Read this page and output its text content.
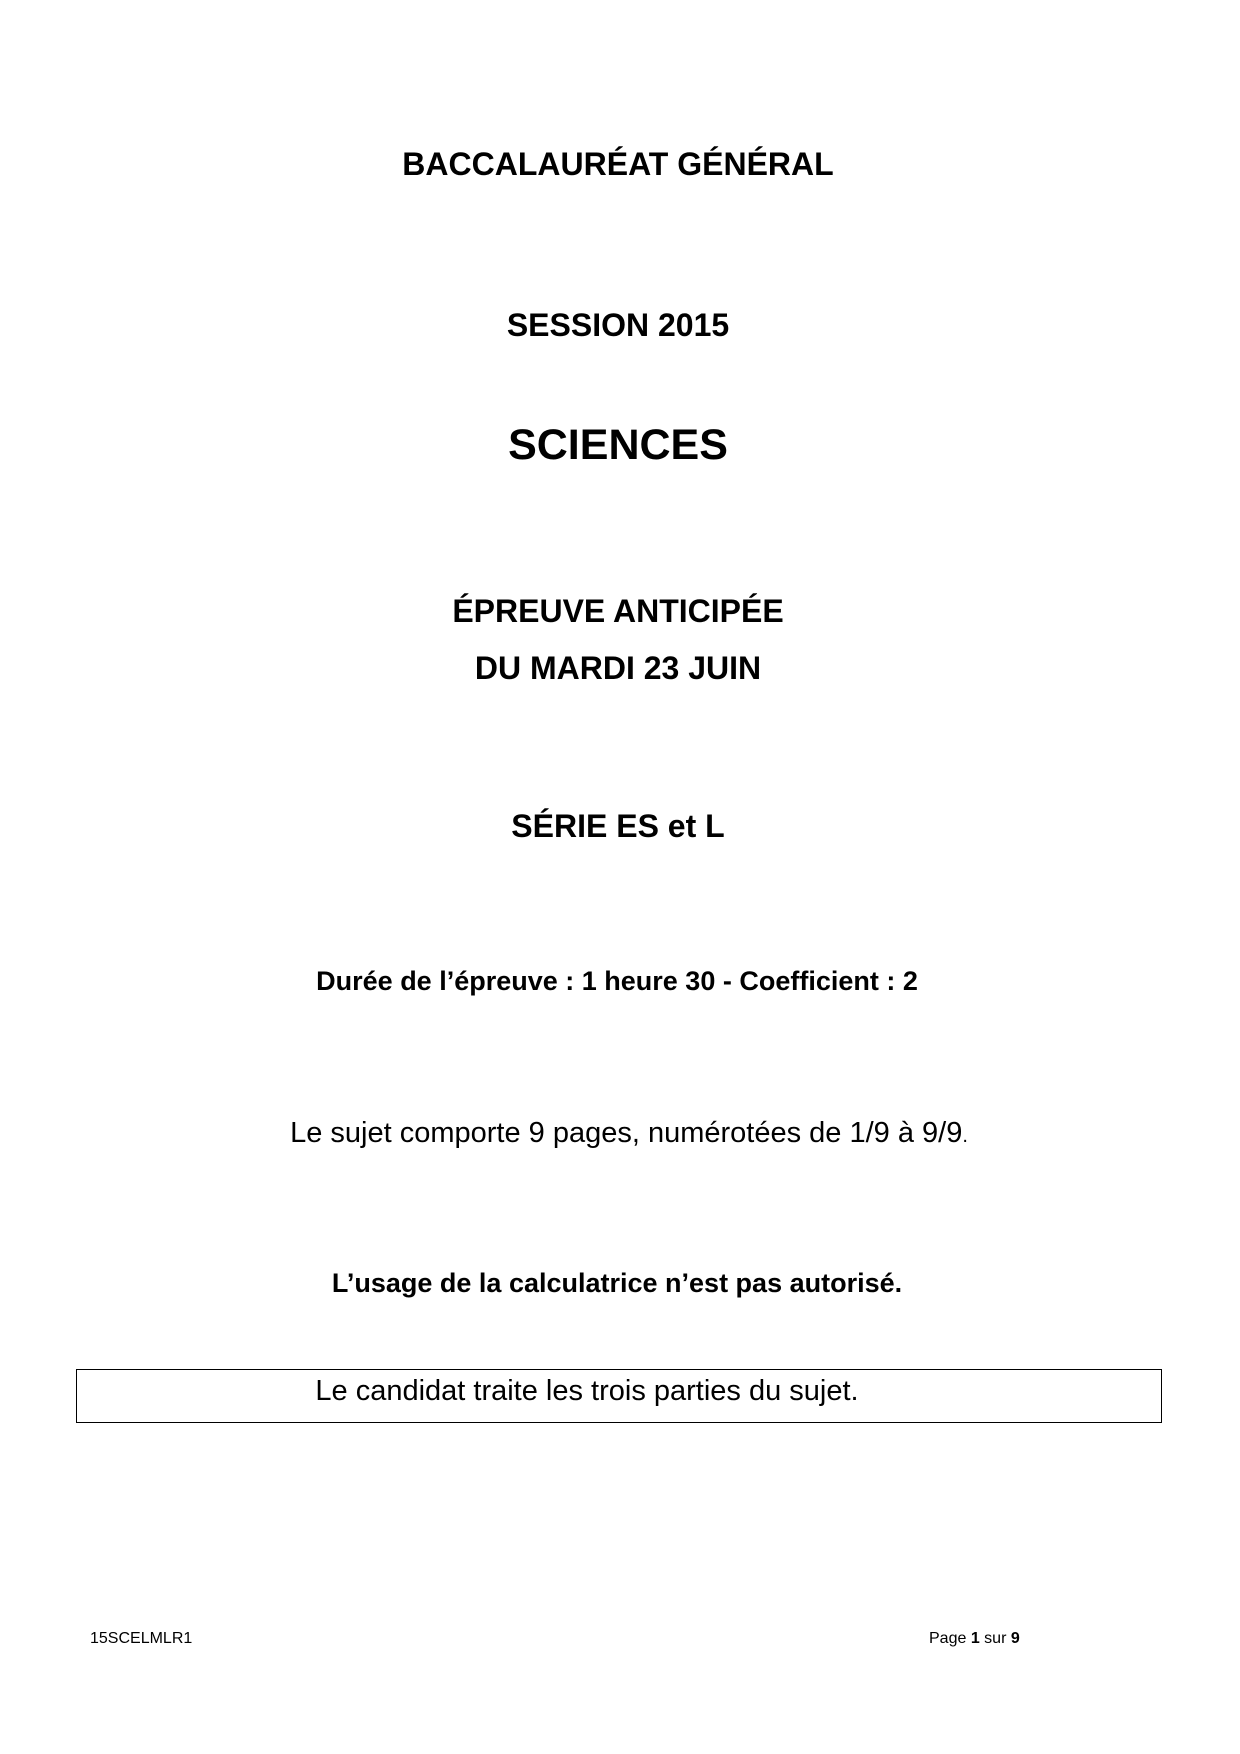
BACCALAURÉAT GÉNÉRAL
SESSION 2015
SCIENCES
ÉPREUVE ANTICIPÉE
DU MARDI 23 JUIN
SÉRIE ES et L
Durée de l’épreuve : 1 heure 30 - Coefficient : 2
Le sujet comporte 9 pages, numérotées de 1/9 à 9/9.
L’usage de la calculatrice n’est pas autorisé.
Le candidat traite les trois parties du sujet.
15SCELMLR1	Page 1 sur 9
